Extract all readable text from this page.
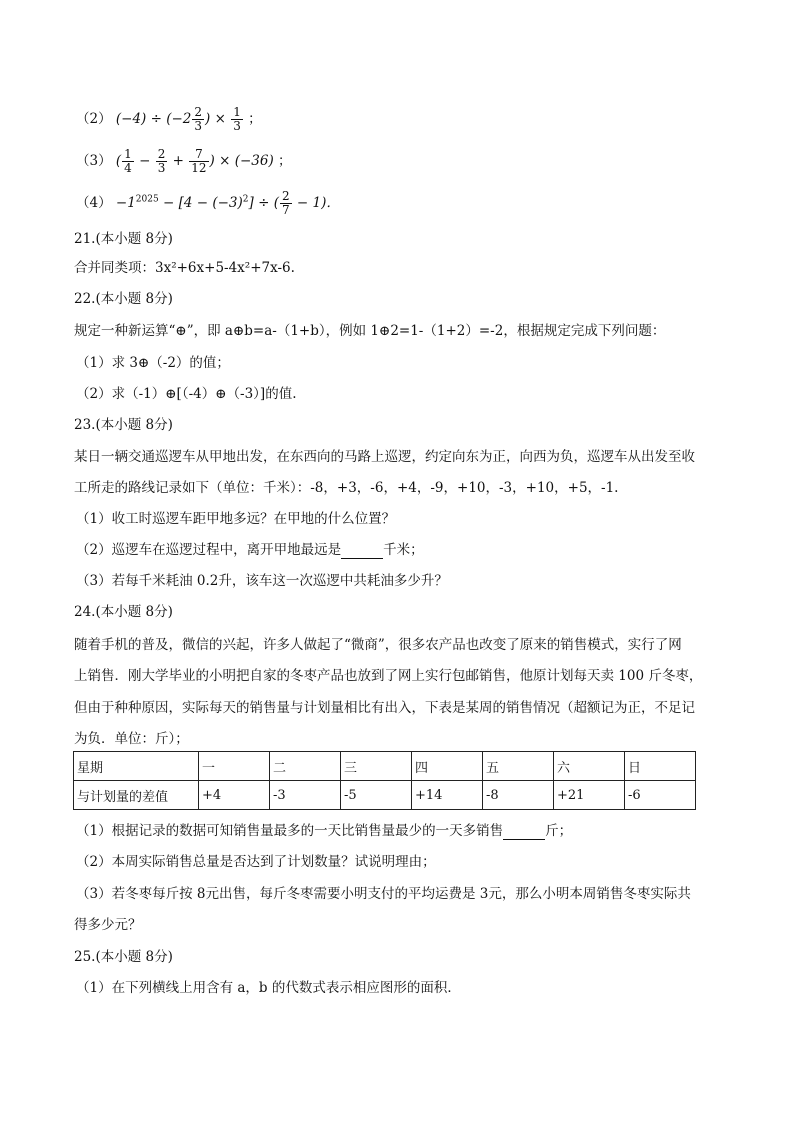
（2） $(-4) \div (-2 \frac{2}{3}$ ) × $\frac{1}{3}$ ；
（3） ( $\frac{1}{4} - \frac{2}{3} + \frac{7}{12}$ ) × (−36) ；
$(4) -1^{2025} - [4 - (-3)^2]$ ÷ ( $\frac{2}{7} - 1$)．
21.(本小题 8分)
合并同类项：3x²+6x+5-4x²+7x-6.
22.(本小题 8分)
规定一种新运算“⊕”，即 a⊕b=a-（1+b），例如 1⊕2=1-（1+2）=-2，根据规定完成下列问题：
（1）求 3⊕（-2）的值；
（2）求（-1）⊕[（-4）⊕（-3）]的值.
23.(本小题 8分)
某日一辆交通巡逻车从甲地出发，在东西向的马路上巡逻，约定向东为正，向西为负，巡逻车从出发至收
工所走的路线记录如下（单位：千米）：-8，+3，-6，+4，-9，+10，-3，+10，+5，-1.
（1）收工时巡逻车距甲地多远？在甲地的什么位置？
（2）巡逻车在巡逻过程中，离开甲地最远是	千米；
（3）若每千米耗油 0.2升，该车这一次巡逻中共耗油多少升？
24.(本小题 8分)
随着手机的普及，微信的兴起，许多人做起了“微商”，很多农产品也改变了原来的销售模式，实行了网
上销售．刚大学毕业的小明把自家的冬枣产品也放到了网上实行包邮销售，他原计划每天卖 100 斤冬枣，
但由于种种原因，实际每天的销售量与计划量相比有出入，下表是某周的销售情况（超额记为正，不足记
为负．单位：斤）；
星期	一	二	三	四	五	六	日
与计划量的差值	+4	-3	-5	+14	-8	+21	-6
（1）根据记录的数据可知销售量最多的一天比销售量最少的一天多销售	斤；
（2）本周实际销售总量是否达到了计划数量？试说明理由；
（3）若冬枣每斤按 8元出售，每斤冬枣需要小明支付的平均运费是 3元，那么小明本周销售冬枣实际共
得多少元？
25.(本小题 8分)
（1）在下列横线上用含有 a，b 的代数式表示相应图形的面积．
